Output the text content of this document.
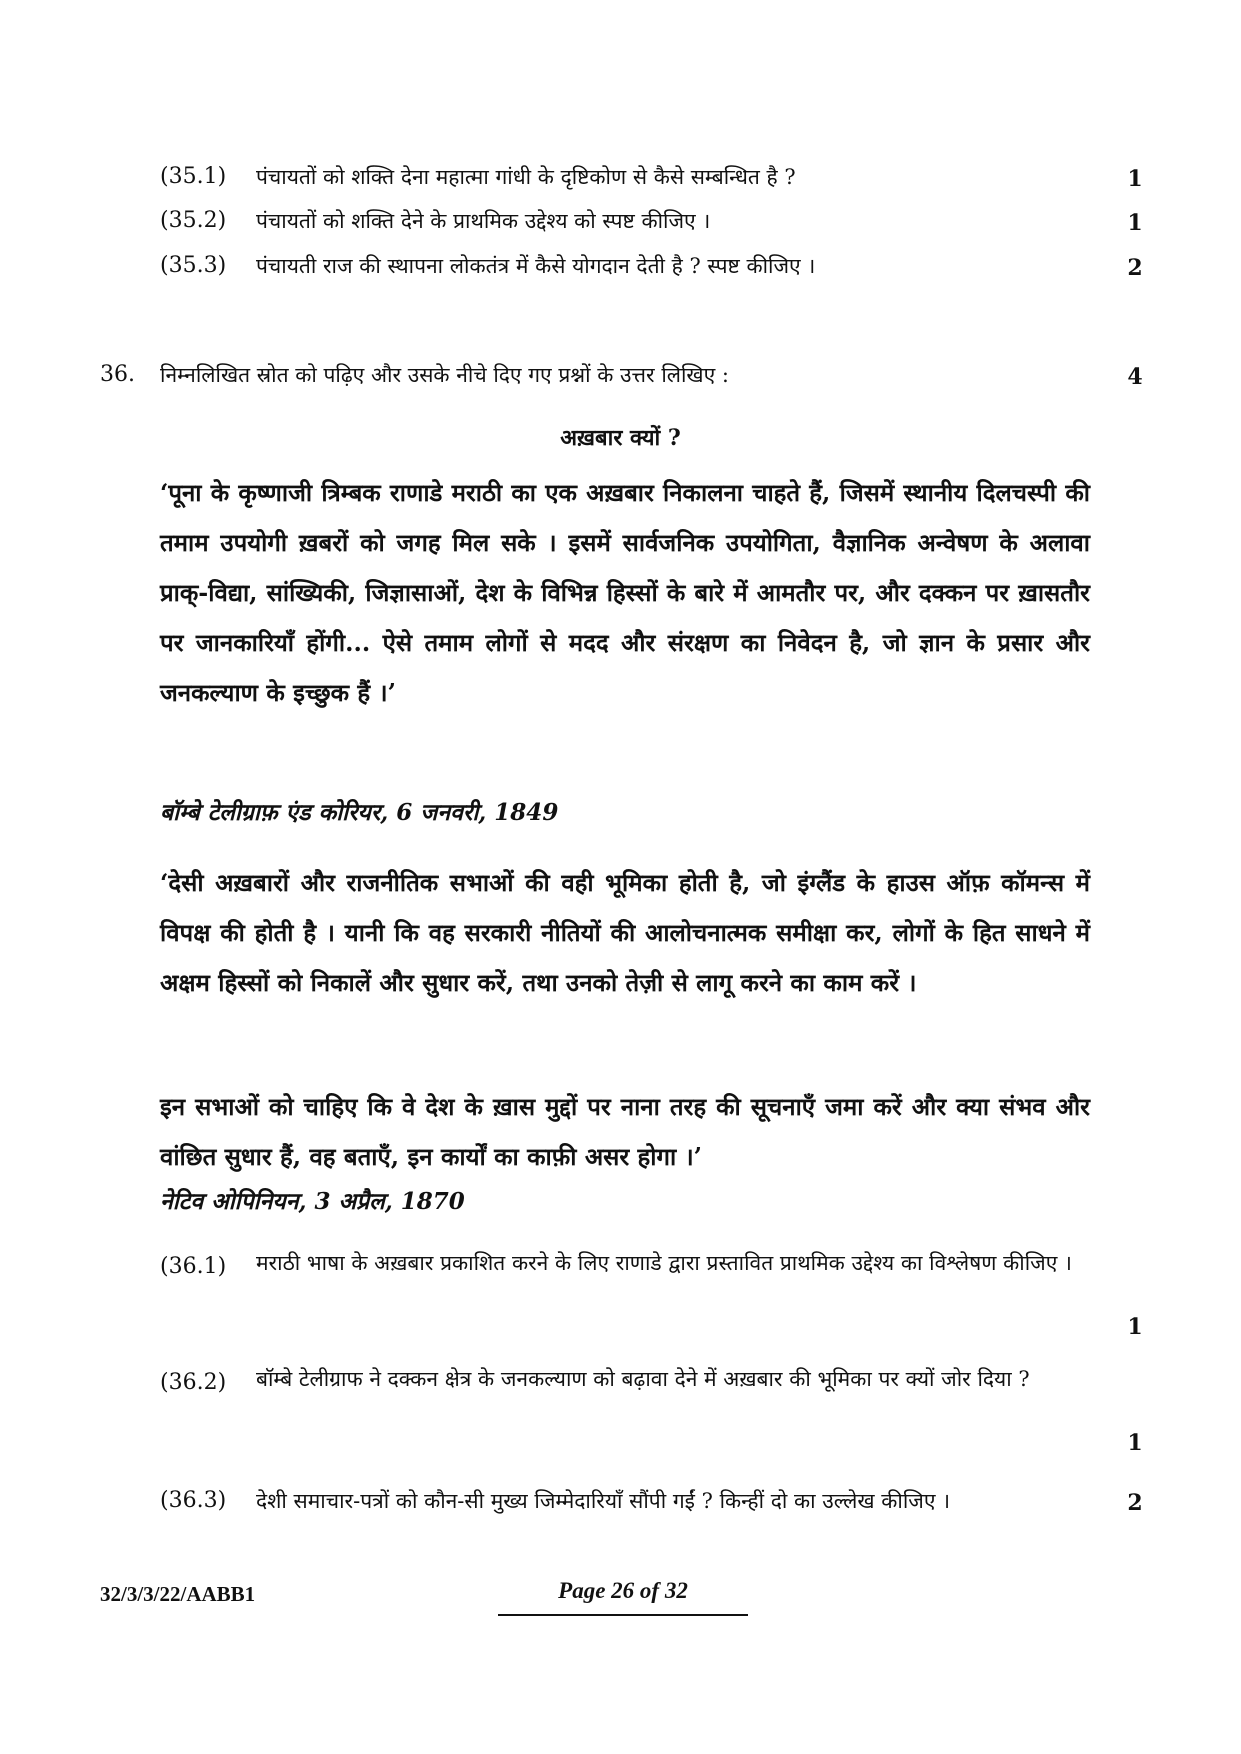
(35.1) पंचायतों को शक्ति देना महात्मा गांधी के दृष्टिकोण से कैसे सम्बन्धित है ?	1
(35.2) पंचायतों को शक्ति देने के प्राथमिक उद्देश्य को स्पष्ट कीजिए ।	1
(35.3) पंचायती राज की स्थापना लोकतंत्र में कैसे योगदान देती है ? स्पष्ट कीजिए ।	2
36. निम्नलिखित स्रोत को पढ़िए और उसके नीचे दिए गए प्रश्नों के उत्तर लिखिए :	4
अख़बार क्यों ?
‘पूना के कृष्णाजी त्रिम्बक राणाडे मराठी का एक अख़बार निकालना चाहते हैं, जिसमें स्थानीय दिलचस्पी की तमाम उपयोगी ख़बरों को जगह मिल सके । इसमें सार्वजनिक उपयोगिता, वैज्ञानिक अन्वेषण के अलावा प्राक्-विद्या, सांख्यिकी, जिज्ञासाओं, देश के विभिन्न हिस्सों के बारे में आमतौर पर, और दक्कन पर ख़ासतौर पर जानकारियाँ होंगी... ऐसे तमाम लोगों से मदद और संरक्षण का निवेदन है, जो ज्ञान के प्रसार और जनकल्याण के इच्छुक हैं ।’
बॉम्बे टेलीग्राफ़ एंड कोरियर, 6 जनवरी, 1849
‘देसी अख़बारों और राजनीतिक सभाओं की वही भूमिका होती है, जो इंग्लैंड के हाउस ऑफ़ कॉमन्स में विपक्ष की होती है । यानी कि वह सरकारी नीतियों की आलोचनात्मक समीक्षा कर, लोगों के हित साधने में अक्षम हिस्सों को निकालें और सुधार करें, तथा उनको तेज़ी से लागू करने का काम करें ।
इन सभाओं को चाहिए कि वे देश के ख़ास मुद्दों पर नाना तरह की सूचनाएँ जमा करें और क्या संभव और वांछित सुधार हैं, वह बताएँ, इन कार्यों का काफ़ी असर होगा ।’
नेटिव ओपिनियन, 3 अप्रैल, 1870
(36.1) मराठी भाषा के अख़बार प्रकाशित करने के लिए राणाडे द्वारा प्रस्तावित प्राथमिक उद्देश्य का विश्लेषण कीजिए ।
1
(36.2) बॉम्बे टेलीग्राफ ने दक्कन क्षेत्र के जनकल्याण को बढ़ावा देने में अख़बार की भूमिका पर क्यों जोर दिया ?
1
(36.3) देशी समाचार-पत्रों को कौन-सी मुख्य जिम्मेदारियाँ सौंपी गईं ? किन्हीं दो का उल्लेख कीजिए ।	2
32/3/3/22/AABB1	Page 26 of 32
